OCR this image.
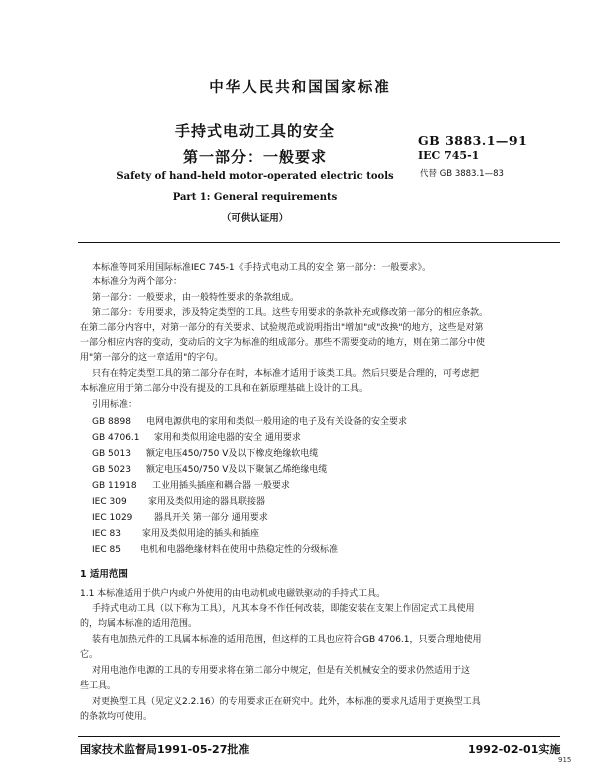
中华人民共和国国家标准
手持式电动工具的安全
第一部分：一般要求
GB 3883.1—91
IEC 745-1
代替 GB 3883.1—83
Safety of hand-held motor-operated electric tools
Part 1: General requirements
（可供认证用）
本标准等同采用国际标准IEC 745-1《手持式电动工具的安全 第一部分：一般要求》。
本标准分为两个部分：
第一部分：一般要求，由一般特性要求的条款组成。
第二部分：专用要求，涉及特定类型的工具。这些专用要求的条款补充或修改第一部分的相应条款。
在第二部分内容中，对第一部分的有关要求、试验规范或说明指出"增加"或"改换"的地方，这些是对第
一部分相应内容的变动，变动后的文字为标准的组成部分。那些不需要变动的地方，则在第二部分中使
用"第一部分的这一章适用"的字句。
只有在特定类型工具的第二部分存在时，本标准才适用于该类工具。然后只要是合理的，可考虑把
本标准应用于第二部分中没有提及的工具和在新原理基础上设计的工具。
引用标准：
GB 8898 电网电源供电的家用和类似一般用途的电子及有关设备的安全要求
GB 4706.1 家用和类似用途电器的安全 通用要求
GB 5013 额定电压450/750 V及以下橡皮绝缘软电缆
GB 5023 额定电压450/750 V及以下聚氯乙烯绝缘电缆
GB 11918 工业用插头插座和耦合器 一般要求
IEC 309 家用及类似用途的器具联接器
IEC 1029 器具开关 第一部分 通用要求
IEC 83 家用及类似用途的插头和插座
IEC 85 电机和电器绝缘材料在使用中热稳定性的分级标准
1 适用范围
1.1 本标准适用于供户内或户外使用的由电动机或电磁铁驱动的手持式工具。
手持式电动工具（以下称为工具），凡其本身不作任何改装，即能安装在支架上作固定式工具使用
的，均属本标准的适用范围。
装有电加热元件的工具属本标准的适用范围，但这样的工具也应符合GB 4706.1，只要合理地使用
它。
对用电池作电源的工具的专用要求将在第二部分中规定，但是有关机械安全的要求仍然适用于这
些工具。
对更换型工具（见定义2.2.16）的专用要求正在研究中。此外，本标准的要求凡适用于更换型工具
的条款均可使用。
国家技术监督局1991-05-27批准	1992-02-01实施
915
